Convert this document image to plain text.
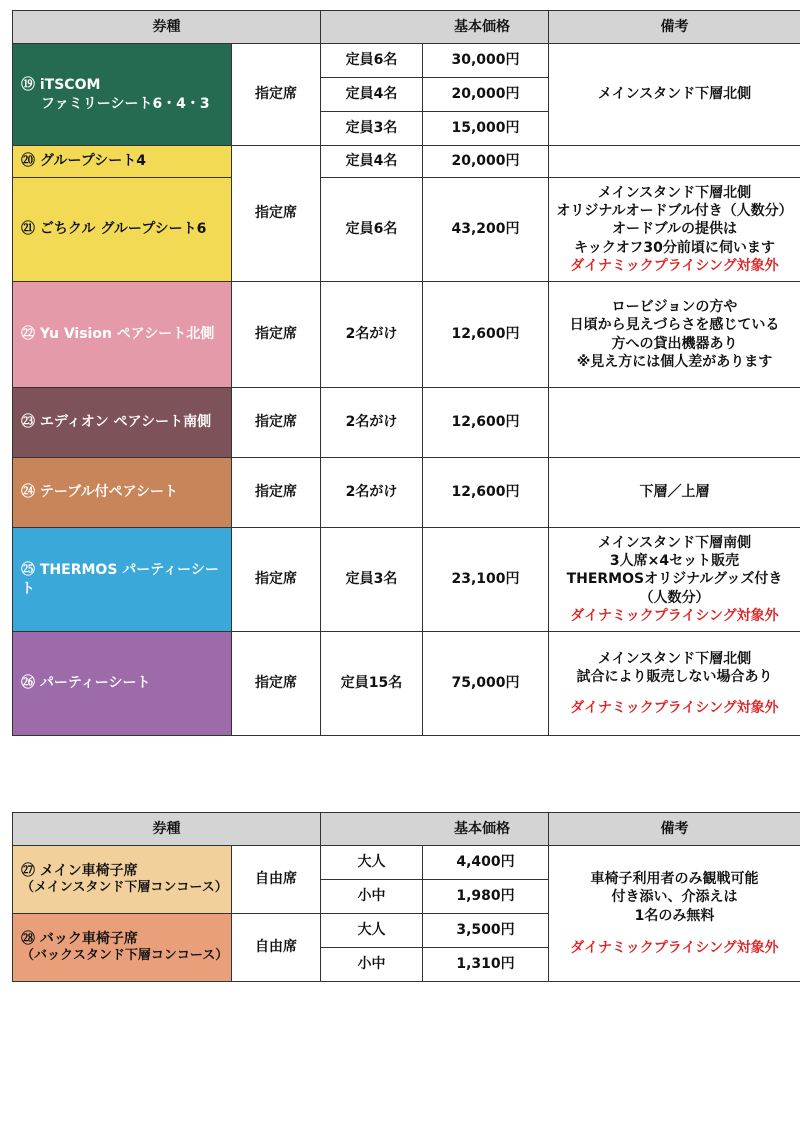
券種		基本価格		備考

⑲ iTSCOM
ファミリーシート6・4・3	指定席	定員6名	30,000円	メインスタンド下層北側
		定員4名	20,000円	
		定員3名	15,000円	
⑳ グループシート4	指定席	定員4名	20,000円	
㉑ ごちクル グループシート6		定員6名	43,200円	メインスタンド下層北側
オリジナルオードブル付き（人数分）
オードブルの提供は
キックオフ30分前頃に伺います
ダイナミックプライシング対象外

㉒ Yu Vision ペアシート北側	指定席	2名がけ	12,600円	ロービジョンの方や
日頃から見えづらさを感じている
方への貸出機器あり
※見え方には個人差があります

㉓ エディオン ペアシート南側	指定席	2名がけ	12,600円	
㉔ テーブル付ペアシート	指定席	2名がけ	12,600円	下層／上層
㉕ THERMOS パーティーシート	指定席	定員3名	23,100円	メインスタンド下層南側
3人席×4セット販売
THERMOSオリジナルグッズ付き
（人数分）
ダイナミックプライシング対象外

㉖ パーティーシート	指定席	定員15名	75,000円	メインスタンド下層北側
試合により販売しない場合あり
ダイナミックプライシング対象外
券種		基本価格		備考

㉗ メイン車椅子席
（メインスタンド下層コンコース）	自由席	大人	4,400円	車椅子利用者のみ観戦可能
付き添い、介添えは
1名のみ無料
ダイナミックプライシング対象外

		小中	1,980円	

㉘ バック車椅子席
（バックスタンド下層コンコース）	自由席	大人	3,500円	
		小中	1,310円	
